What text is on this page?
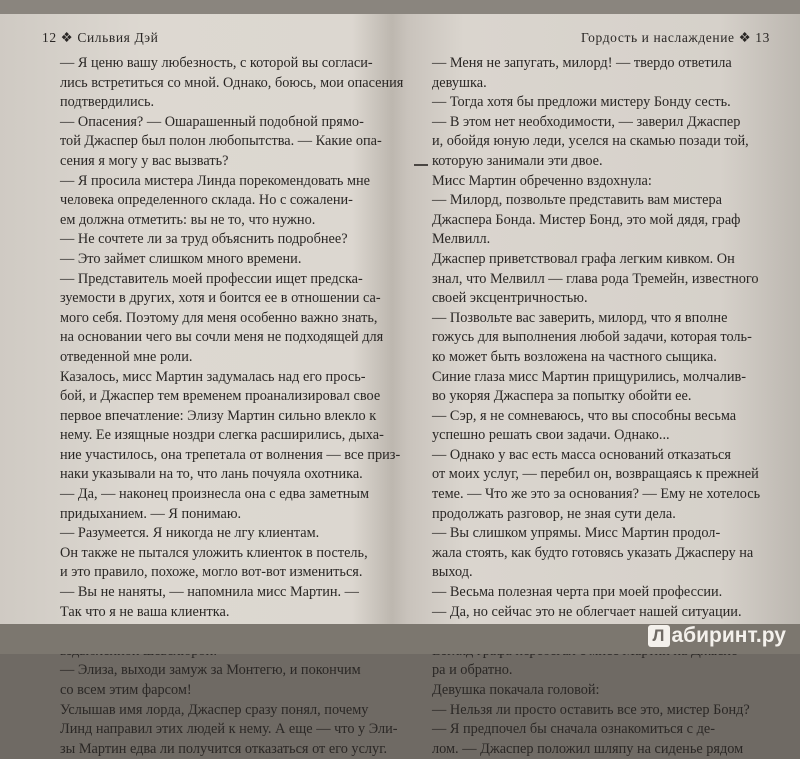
12 ❖ Сильвия Дэй
— Я ценю вашу любезность, с которой вы согласи-
лись встретиться со мной. Однако, боюсь, мои опасения
подтвердились.
— Опасения? — Ошарашенный подобной прямо-
той Джаспер был полон любопытства. — Какие опа-
сения я могу у вас вызвать?
— Я просила мистера Линда порекомендовать мне
человека определенного склада. Но с сожалени-
ем должна отметить: вы не то, что нужно.
— Не сочтете ли за труд объяснить подробнее?
— Это займет слишком много времени.
— Представитель моей профессии ищет предска-
зуемости в других, хотя и боится ее в отношении са-
мого себя. Поэтому для меня особенно важно знать,
на основании чего вы сочли меня не подходящей для
отведенной мне роли.
Казалось, мисс Мартин задумалась над его прось-
бой, и Джаспер тем временем проанализировал свое
первое впечатление: Элизу Мартин сильно влекло к
нему. Ее изящные ноздри слегка расширились, дыха-
ние участилось, она трепетала от волнения — все приз-
наки указывали на то, что лань почуяла охотника.
— Да, — наконец произнесла она с едва заметным
придыханием. — Я понимаю.
— Разумеется. Я никогда не лгу клиентам.
Он также не пытался уложить клиенток в постель,
и это правило, похоже, могло вот-вот измениться.
— Вы не наняты, — напомнила мисс Мартин. —
Так что я не ваша клиентка.
— Элиза, выходи замуж за Монтегю, и покончим
со всем этим фарсом!
Услышав имя лорда, Джаспер сразу понял, почему
Линд направил этих людей к нему. А еще — что у Эли-
зы Мартин едва ли получится отказаться от его услуг.
Гордость и наслаждение ❖ 13
— Меня не запугать, милорд! — твердо ответила
девушка.
— Тогда хотя бы предложи мистеру Бонду сесть.
— В этом нет необходимости, — заверил Джаспер
и, обойдя юную леди, уселся на скамью позади той,
которую занимали эти двое.
Мисс Мартин обреченно вздохнула:
— Милорд, позвольте представить вам мистера
Джаспера Бонда. Мистер Бонд, это мой дядя, граф
Мелвилл.
Джаспер приветствовал графа легким кивком. Он
знал, что Мелвилл — глава рода Тремейн, известного
своей эксцентричностью.
— Позвольте вас заверить, милорд, что я вполне
гожусь для выполнения любой задачи, которая толь-
ко может быть возложена на частного сыщика.
Синие глаза мисс Мартин прищурились, молчалив-
во укоряя Джаспера за попытку обойти ее.
— Сэр, я не сомневаюсь, что вы способны весьма
успешно решать свои задачи. Однако...
— Однако у вас есть масса оснований отказаться
от моих услуг, — перебил он, возвращаясь к прежней
теме. — Что же это за основания? — Ему не хотелось
продолжать разговор, не зная сути дела.
— Вы слишком упрямы. Мисс Мартин продол-
жала стоять, как будто готовясь указать Джасперу на
выход.
— Весьма полезная черта при моей профессии.
— Да, но сейчас это не облегчает нашей ситуации.
ра и обратно.
Девушка покачала головой:
— Нельзя ли просто оставить все это, мистер Бонд?
— Я предпочел бы сначала ознакомиться с де-
лом. — Джаспер положил шляпу на сиденье рядом
Л абиринт.ру
